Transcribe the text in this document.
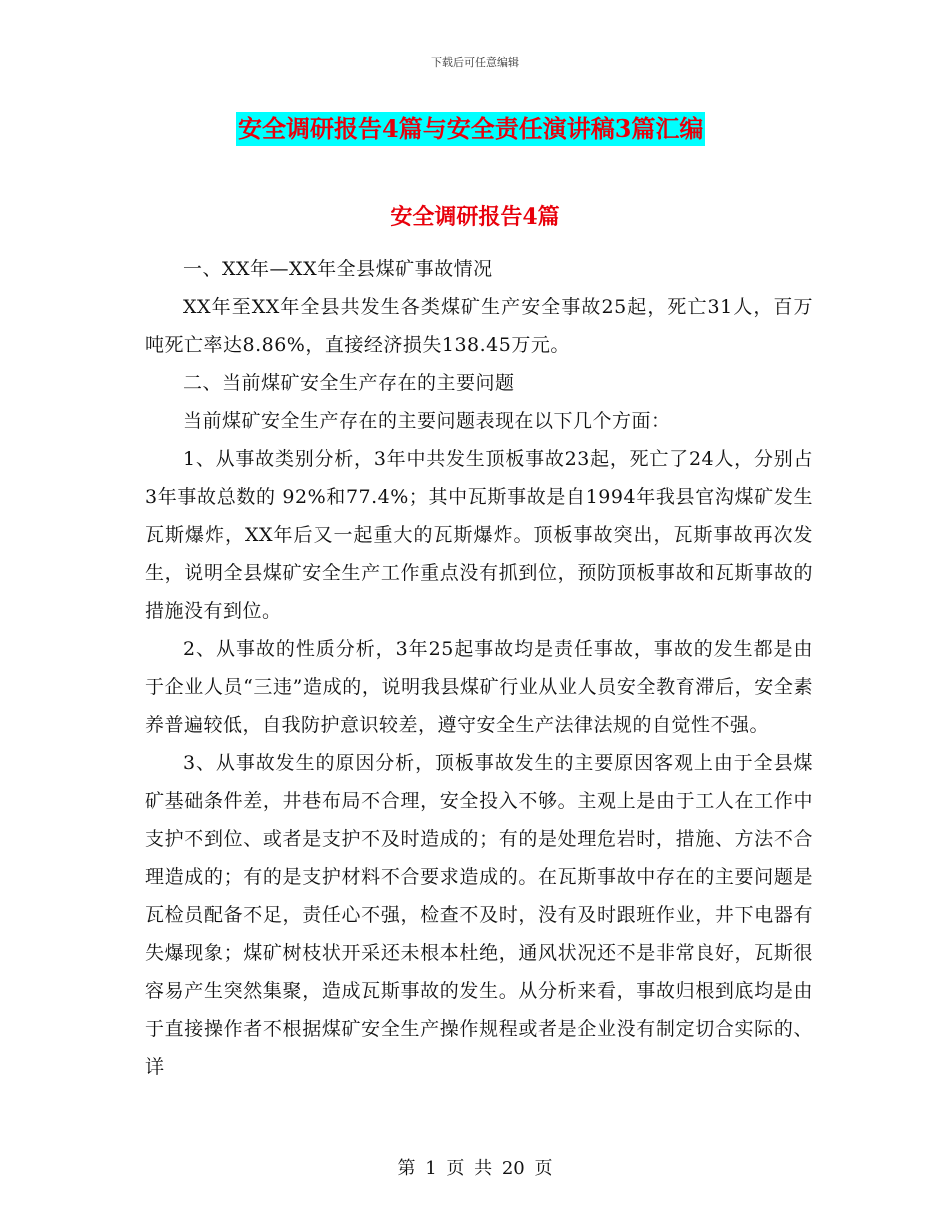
下载后可任意编辑
安全调研报告4篇与安全责任演讲稿3篇汇编
安全调研报告4篇

一、XX年—XX年全县煤矿事故情况

XX年至XX年全县共发生各类煤矿生产安全事故25起，死亡31人，百万吨死亡率达8.86%，直接经济损失138.45万元。

二、当前煤矿安全生产存在的主要问题

当前煤矿安全生产存在的主要问题表现在以下几个方面：

1、从事故类别分析，3年中共发生顶板事故23起，死亡了24人，分别占3年事故总数的 92%和77.4%；其中瓦斯事故是自1994年我县官沟煤矿发生瓦斯爆炸，XX年后又一起重大的瓦斯爆炸。顶板事故突出，瓦斯事故再次发生，说明全县煤矿安全生产工作重点没有抓到位，预防顶板事故和瓦斯事故的措施没有到位。

2、从事故的性质分析，3年25起事故均是责任事故，事故的发生都是由于企业人员“三违”造成的，说明我县煤矿行业从业人员安全教育滞后，安全素养普遍较低，自我防护意识较差，遵守安全生产法律法规的自觉性不强。

3、从事故发生的原因分析，顶板事故发生的主要原因客观上由于全县煤矿基础条件差，井巷布局不合理，安全投入不够。主观上是由于工人在工作中支护不到位、或者是支护不及时造成的；有的是处理危岩时，措施、方法不合理造成的；有的是支护材料不合要求造成的。在瓦斯事故中存在的主要问题是瓦检员配备不足，责任心不强，检查不及时，没有及时跟班作业，井下电器有失爆现象；煤矿树枝状开采还未根本杜绝，通风状况还不是非常良好，瓦斯很容易产生突然集聚，造成瓦斯事故的发生。从分析来看，事故归根到底均是由于直接操作者不根据煤矿安全生产操作规程或者是企业没有制定切合实际的、详

第 1 页 共 20 页
